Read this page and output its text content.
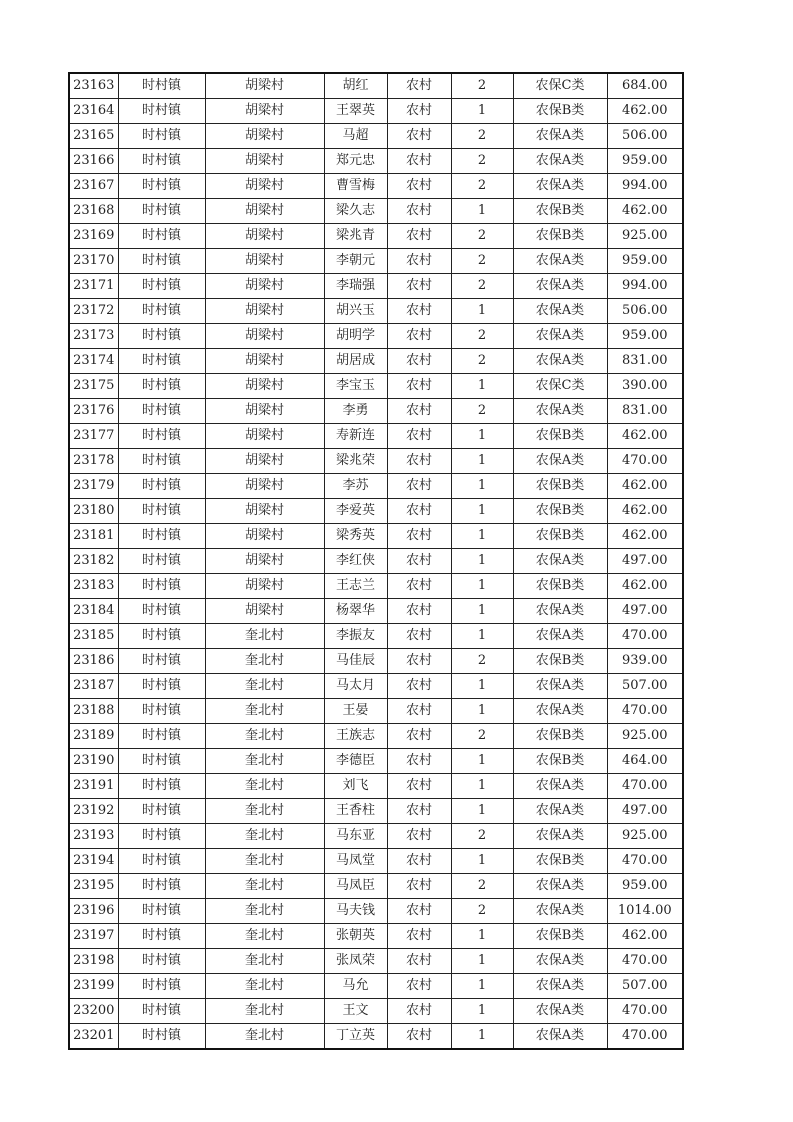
23163	时村镇	胡梁村	胡红	农村	2	农保C类	684.00
23164	时村镇	胡梁村	王翠英	农村	1	农保B类	462.00
23165	时村镇	胡梁村	马超	农村	2	农保A类	506.00
23166	时村镇	胡梁村	郑元忠	农村	2	农保A类	959.00
23167	时村镇	胡梁村	曹雪梅	农村	2	农保A类	994.00
23168	时村镇	胡梁村	梁久志	农村	1	农保B类	462.00
23169	时村镇	胡梁村	梁兆青	农村	2	农保B类	925.00
23170	时村镇	胡梁村	李朝元	农村	2	农保A类	959.00
23171	时村镇	胡梁村	李瑞强	农村	2	农保A类	994.00
23172	时村镇	胡梁村	胡兴玉	农村	1	农保A类	506.00
23173	时村镇	胡梁村	胡明学	农村	2	农保A类	959.00
23174	时村镇	胡梁村	胡居成	农村	2	农保A类	831.00
23175	时村镇	胡梁村	李宝玉	农村	1	农保C类	390.00
23176	时村镇	胡梁村	李勇	农村	2	农保A类	831.00
23177	时村镇	胡梁村	寿新连	农村	1	农保B类	462.00
23178	时村镇	胡梁村	梁兆荣	农村	1	农保A类	470.00
23179	时村镇	胡梁村	李苏	农村	1	农保B类	462.00
23180	时村镇	胡梁村	李爱英	农村	1	农保B类	462.00
23181	时村镇	胡梁村	梁秀英	农村	1	农保B类	462.00
23182	时村镇	胡梁村	李红侠	农村	1	农保A类	497.00
23183	时村镇	胡梁村	王志兰	农村	1	农保B类	462.00
23184	时村镇	胡梁村	杨翠华	农村	1	农保A类	497.00
23185	时村镇	奎北村	李振友	农村	1	农保A类	470.00
23186	时村镇	奎北村	马佳辰	农村	2	农保B类	939.00
23187	时村镇	奎北村	马太月	农村	1	农保A类	507.00
23188	时村镇	奎北村	王晏	农村	1	农保A类	470.00
23189	时村镇	奎北村	王族志	农村	2	农保B类	925.00
23190	时村镇	奎北村	李德臣	农村	1	农保B类	464.00
23191	时村镇	奎北村	刘飞	农村	1	农保A类	470.00
23192	时村镇	奎北村	王香柱	农村	1	农保A类	497.00
23193	时村镇	奎北村	马东亚	农村	2	农保A类	925.00
23194	时村镇	奎北村	马凤堂	农村	1	农保B类	470.00
23195	时村镇	奎北村	马凤臣	农村	2	农保A类	959.00
23196	时村镇	奎北村	马夫钱	农村	2	农保A类	1014.00
23197	时村镇	奎北村	张朝英	农村	1	农保B类	462.00
23198	时村镇	奎北村	张凤荣	农村	1	农保A类	470.00
23199	时村镇	奎北村	马允	农村	1	农保A类	507.00
23200	时村镇	奎北村	王文	农村	1	农保A类	470.00
23201	时村镇	奎北村	丁立英	农村	1	农保A类	470.00
